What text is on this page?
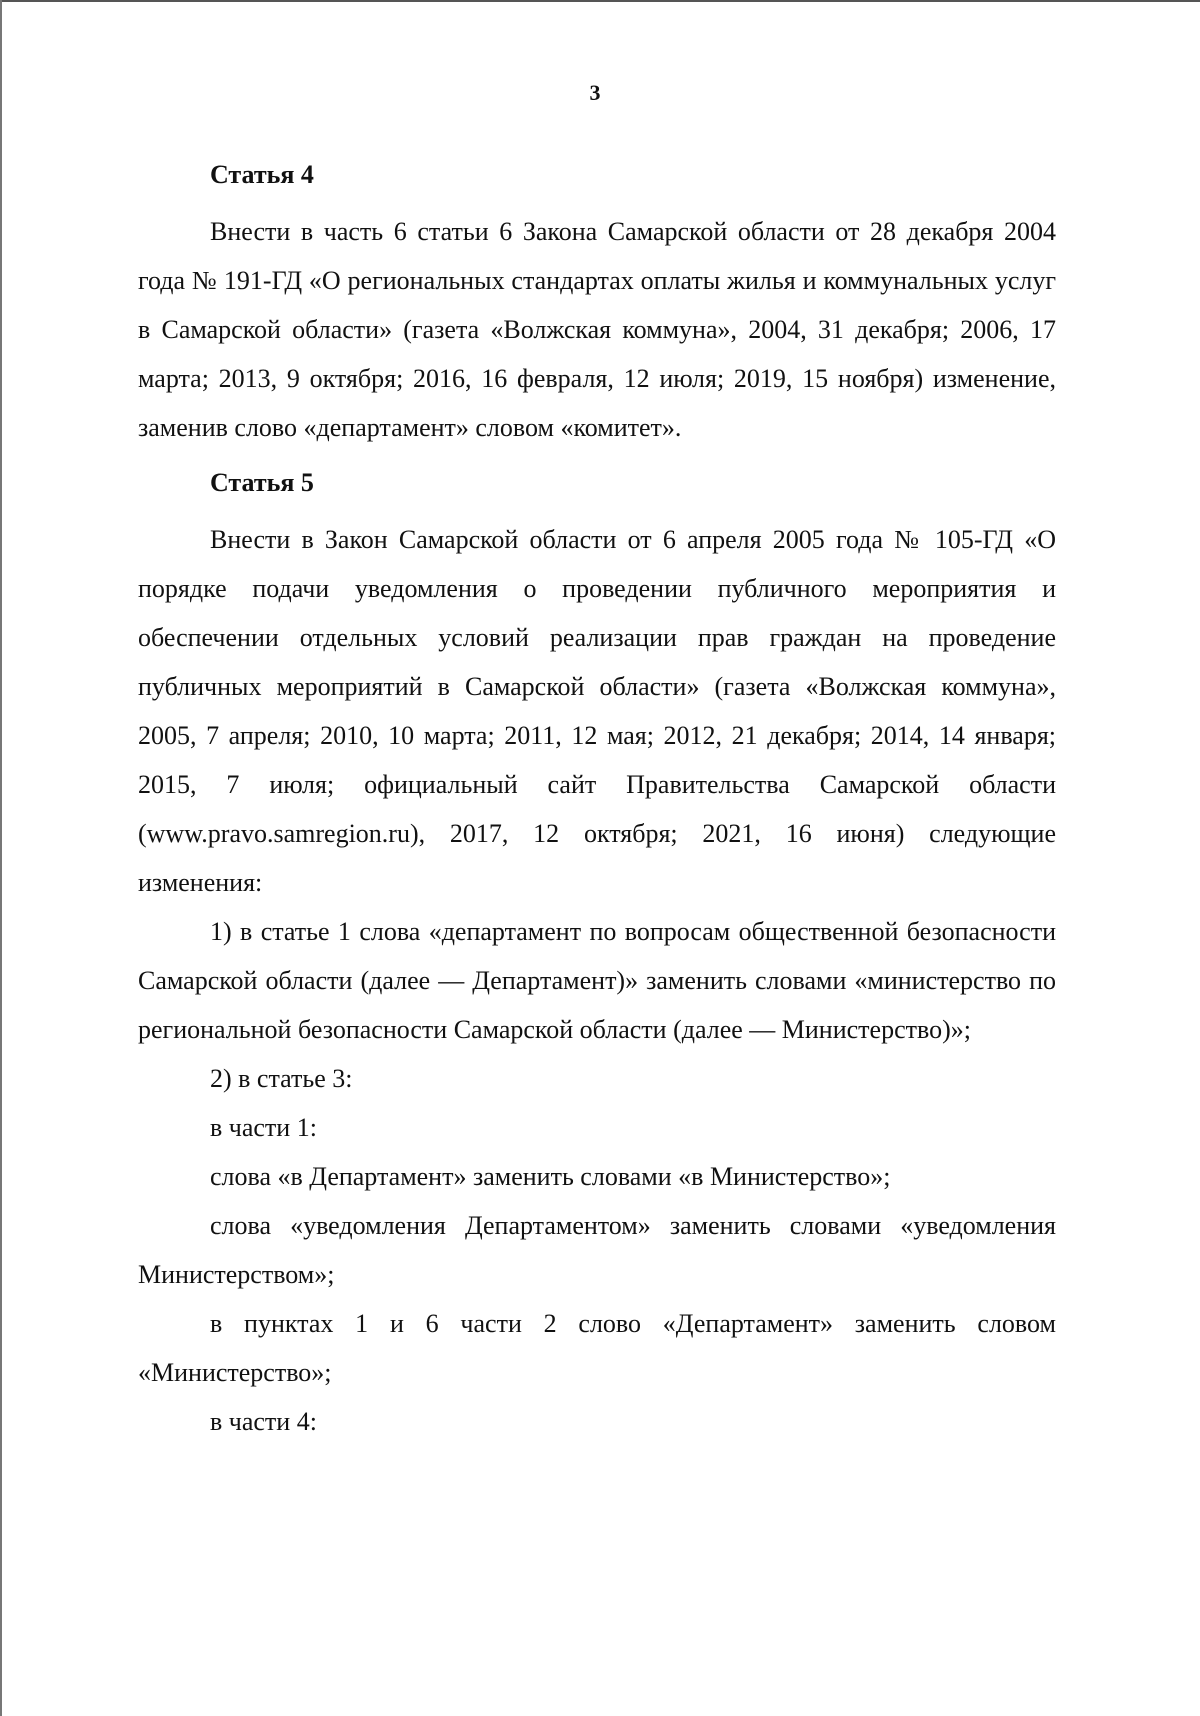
3

Статья 4

Внести в часть 6 статьи 6 Закона Самарской области от 28 декабря 2004 года № 191-ГД «О региональных стандартах оплаты жилья и коммунальных услуг в Самарской области» (газета «Волжская коммуна», 2004, 31 декабря; 2006, 17 марта; 2013, 9 октября; 2016, 16 февраля, 12 июля; 2019, 15 ноября) изменение, заменив слово «департамент» словом «комитет».

Статья 5

Внести в Закон Самарской области от 6 апреля 2005 года № 105-ГД «О порядке подачи уведомления о проведении публичного мероприятия и обеспечении отдельных условий реализации прав граждан на проведение публичных мероприятий в Самарской области» (газета «Волжская коммуна», 2005, 7 апреля; 2010, 10 марта; 2011, 12 мая; 2012, 21 декабря; 2014, 14 января; 2015, 7 июля; официальный сайт Правительства Самарской области (www.pravo.samregion.ru), 2017, 12 октября; 2021, 16 июня) следующие изменения:

1) в статье 1 слова «департамент по вопросам общественной безопасности Самарской области (далее — Департамент)» заменить словами «министерство по региональной безопасности Самарской области (далее — Министерство)»;

2) в статье 3:

в части 1:

слова «в Департамент» заменить словами «в Министерство»;

слова «уведомления Департаментом» заменить словами «уведомления Министерством»;

в пунктах 1 и 6 части 2 слово «Департамент» заменить словом «Министерство»;

в части 4:
